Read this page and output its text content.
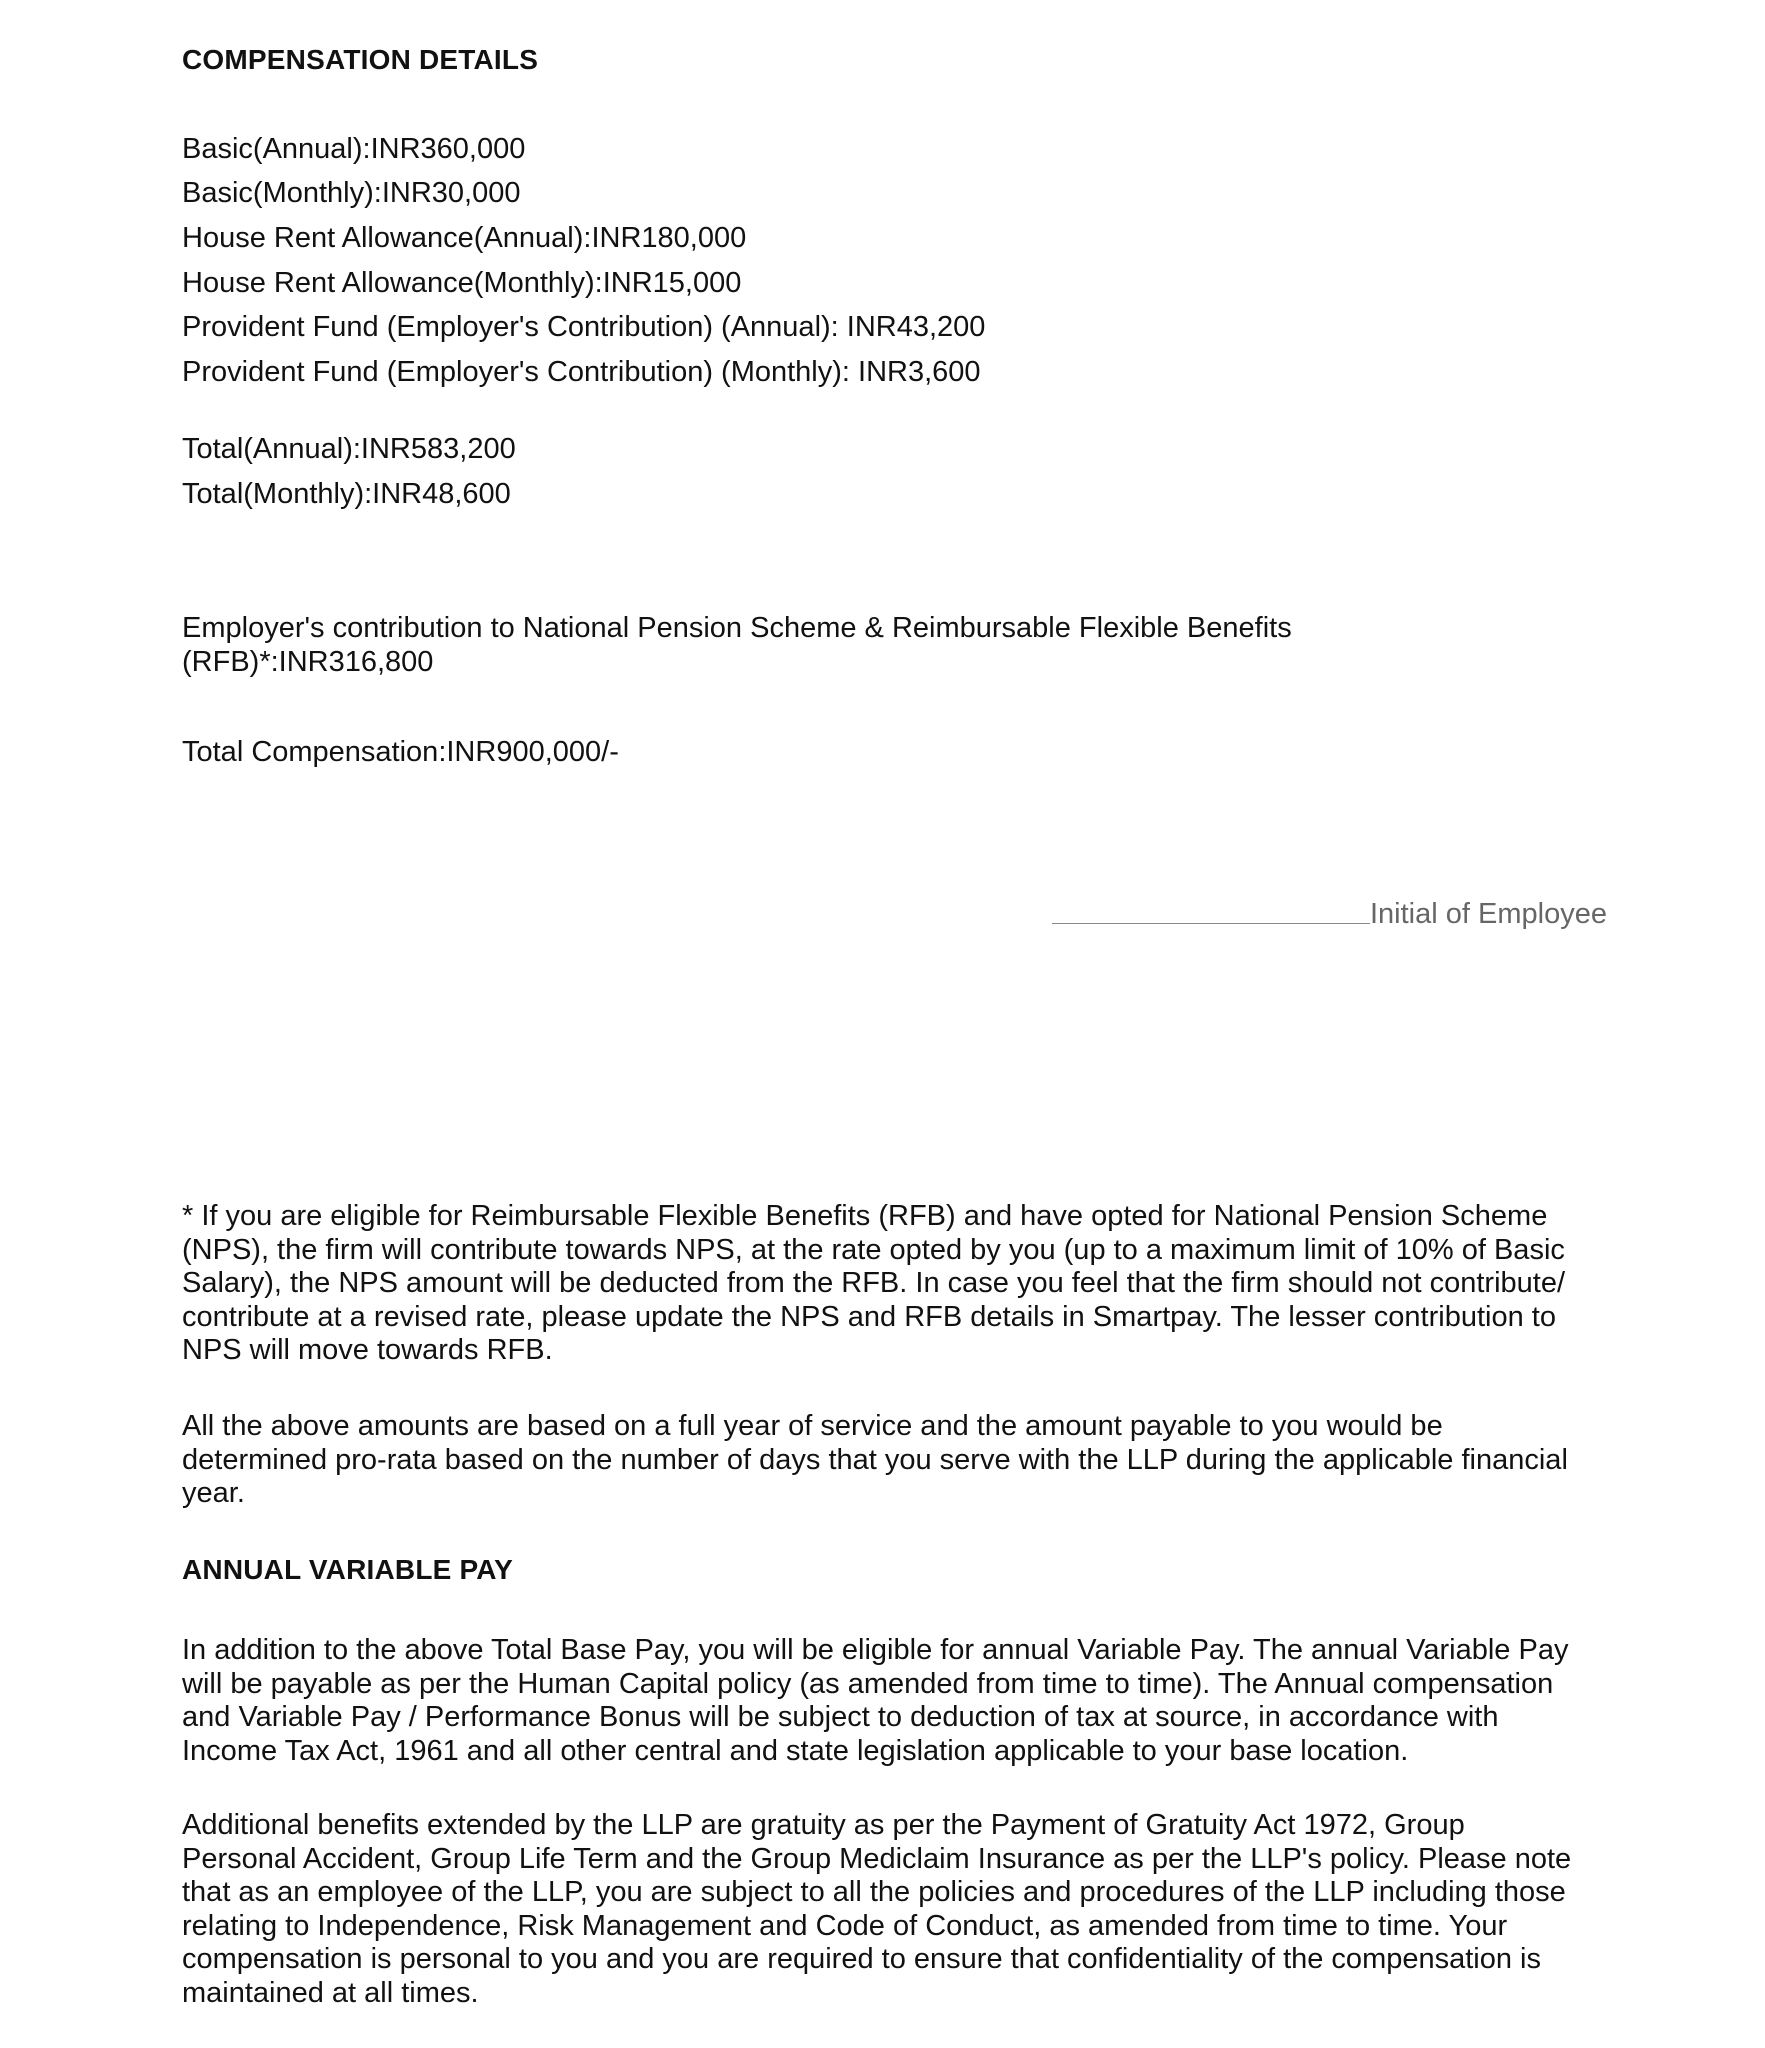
COMPENSATION DETAILS
Basic(Annual):INR360,000
Basic(Monthly):INR30,000
House Rent Allowance(Annual):INR180,000
House Rent Allowance(Monthly):INR15,000
Provident Fund (Employer's Contribution) (Annual): INR43,200
Provident Fund (Employer's Contribution) (Monthly): INR3,600
Total(Annual):INR583,200
Total(Monthly):INR48,600
Employer's contribution to National Pension Scheme & Reimbursable Flexible Benefits
(RFB)*:INR316,800
Total Compensation:INR900,000/-
Initial of Employee

* If you are eligible for Reimbursable Flexible Benefits (RFB) and have opted for National Pension Scheme (NPS), the firm will contribute towards NPS, at the rate opted by you (up to a maximum limit of 10% of Basic Salary), the NPS amount will be deducted from the RFB. In case you feel that the firm should not contribute/ contribute at a revised rate, please update the NPS and RFB details in Smartpay. The lesser contribution to NPS will move towards RFB.

All the above amounts are based on a full year of service and the amount payable to you would be determined pro-rata based on the number of days that you serve with the LLP during the applicable financial year.

ANNUAL VARIABLE PAY

In addition to the above Total Base Pay, you will be eligible for annual Variable Pay. The annual Variable Pay will be payable as per the Human Capital policy (as amended from time to time). The Annual compensation and Variable Pay / Performance Bonus will be subject to deduction of tax at source, in accordance with Income Tax Act, 1961 and all other central and state legislation applicable to your base location.

Additional benefits extended by the LLP are gratuity as per the Payment of Gratuity Act 1972, Group Personal Accident, Group Life Term and the Group Mediclaim Insurance as per the LLP's policy. Please note that as an employee of the LLP, you are subject to all the policies and procedures of the LLP including those relating to Independence, Risk Management and Code of Conduct, as amended from time to time. Your compensation is personal to you and you are required to ensure that confidentiality of the compensation is maintained at all times.
